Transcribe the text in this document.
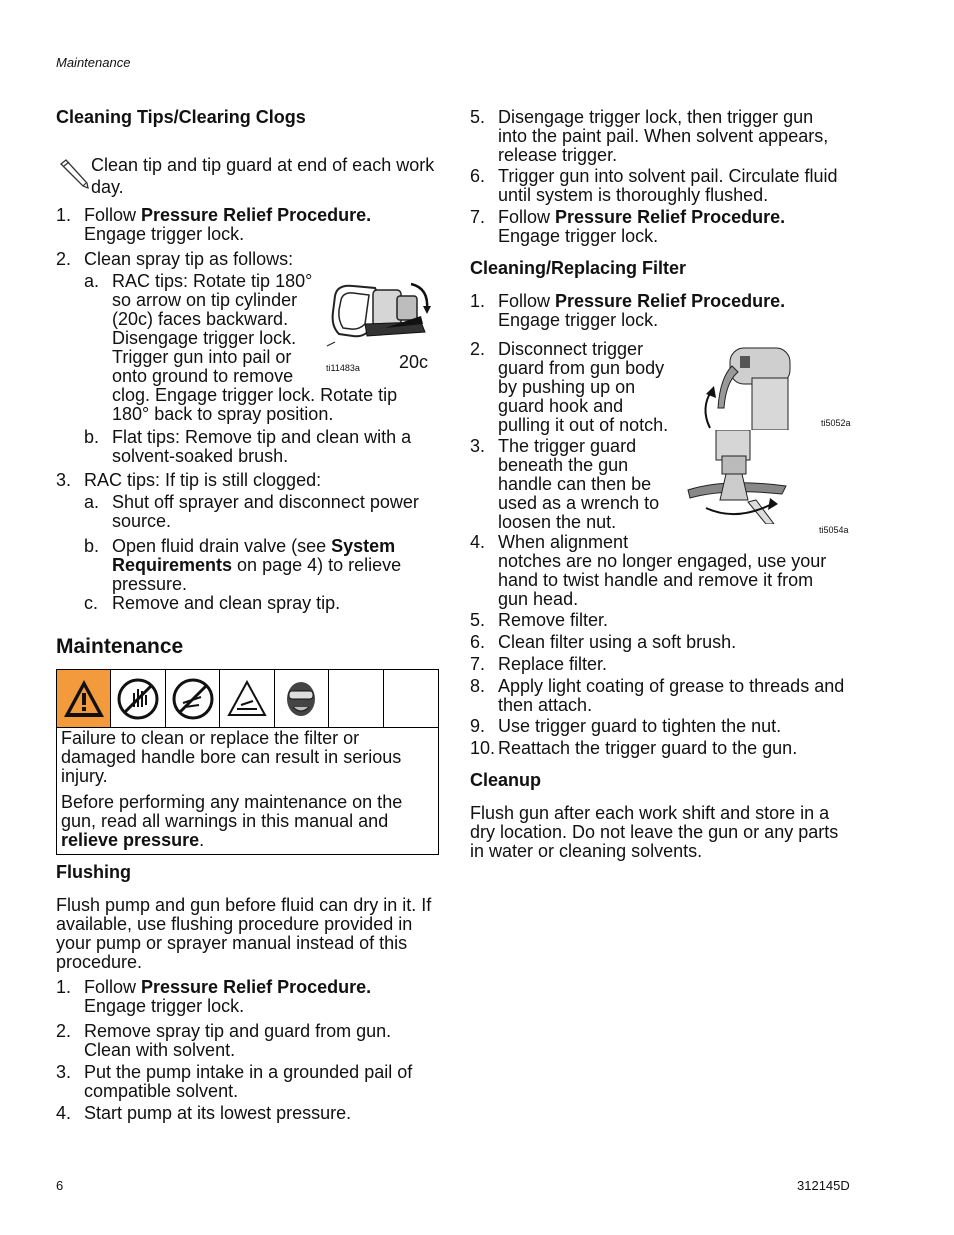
Maintenance
Cleaning Tips/Clearing Clogs
Clean tip and tip guard at end of each work
day.
1. Follow Pressure Relief Procedure.
Engage trigger lock.
2. Clean spray tip as follows:
a. RAC tips: Rotate tip 180°
so arrow on tip cylinder
(20c) faces backward.
Disengage trigger lock.
Trigger gun into pail or
onto ground to remove
clog. Engage trigger lock. Rotate tip
180° back to spray position.
ti11483a 20c
b. Flat tips: Remove tip and clean with a
solvent-soaked brush.
3. RAC tips: If tip is still clogged:
a. Shut off sprayer and disconnect power
source.
b. Open fluid drain valve (see System
Requirements on page 4) to relieve
pressure.
c. Remove and clean spray tip.
Maintenance
Failure to clean or replace the filter or
damaged handle bore can result in serious
injury.
Before performing any maintenance on the
gun, read all warnings in this manual and
relieve pressure.
Flushing
Flush pump and gun before fluid can dry in it. If
available, use flushing procedure provided in
your pump or sprayer manual instead of this
procedure.
1. Follow Pressure Relief Procedure.
Engage trigger lock.
2. Remove spray tip and guard from gun.
Clean with solvent.
3. Put the pump intake in a grounded pail of
compatible solvent.
4. Start pump at its lowest pressure.
5. Disengage trigger lock, then trigger gun
into the paint pail. When solvent appears,
release trigger.
6. Trigger gun into solvent pail. Circulate fluid
until system is thoroughly flushed.
7. Follow Pressure Relief Procedure.
Engage trigger lock.
Cleaning/Replacing Filter
1. Follow Pressure Relief Procedure.
Engage trigger lock.
2. Disconnect trigger
guard from gun body
by pushing up on
guard hook and
pulling it out of notch.	ti5052a
3. The trigger guard
beneath the gun
handle can then be
used as a wrench to
loosen the nut.	ti5054a
4. When alignment
notches are no longer engaged, use your
hand to twist handle and remove it from
gun head.
5. Remove filter.
6. Clean filter using a soft brush.
7. Replace filter.
8. Apply light coating of grease to threads and
then attach.
9. Use trigger guard to tighten the nut.
10. Reattach the trigger guard to the gun.
Cleanup
Flush gun after each work shift and store in a
dry location. Do not leave the gun or any parts
in water or cleaning solvents.
6	312145D
